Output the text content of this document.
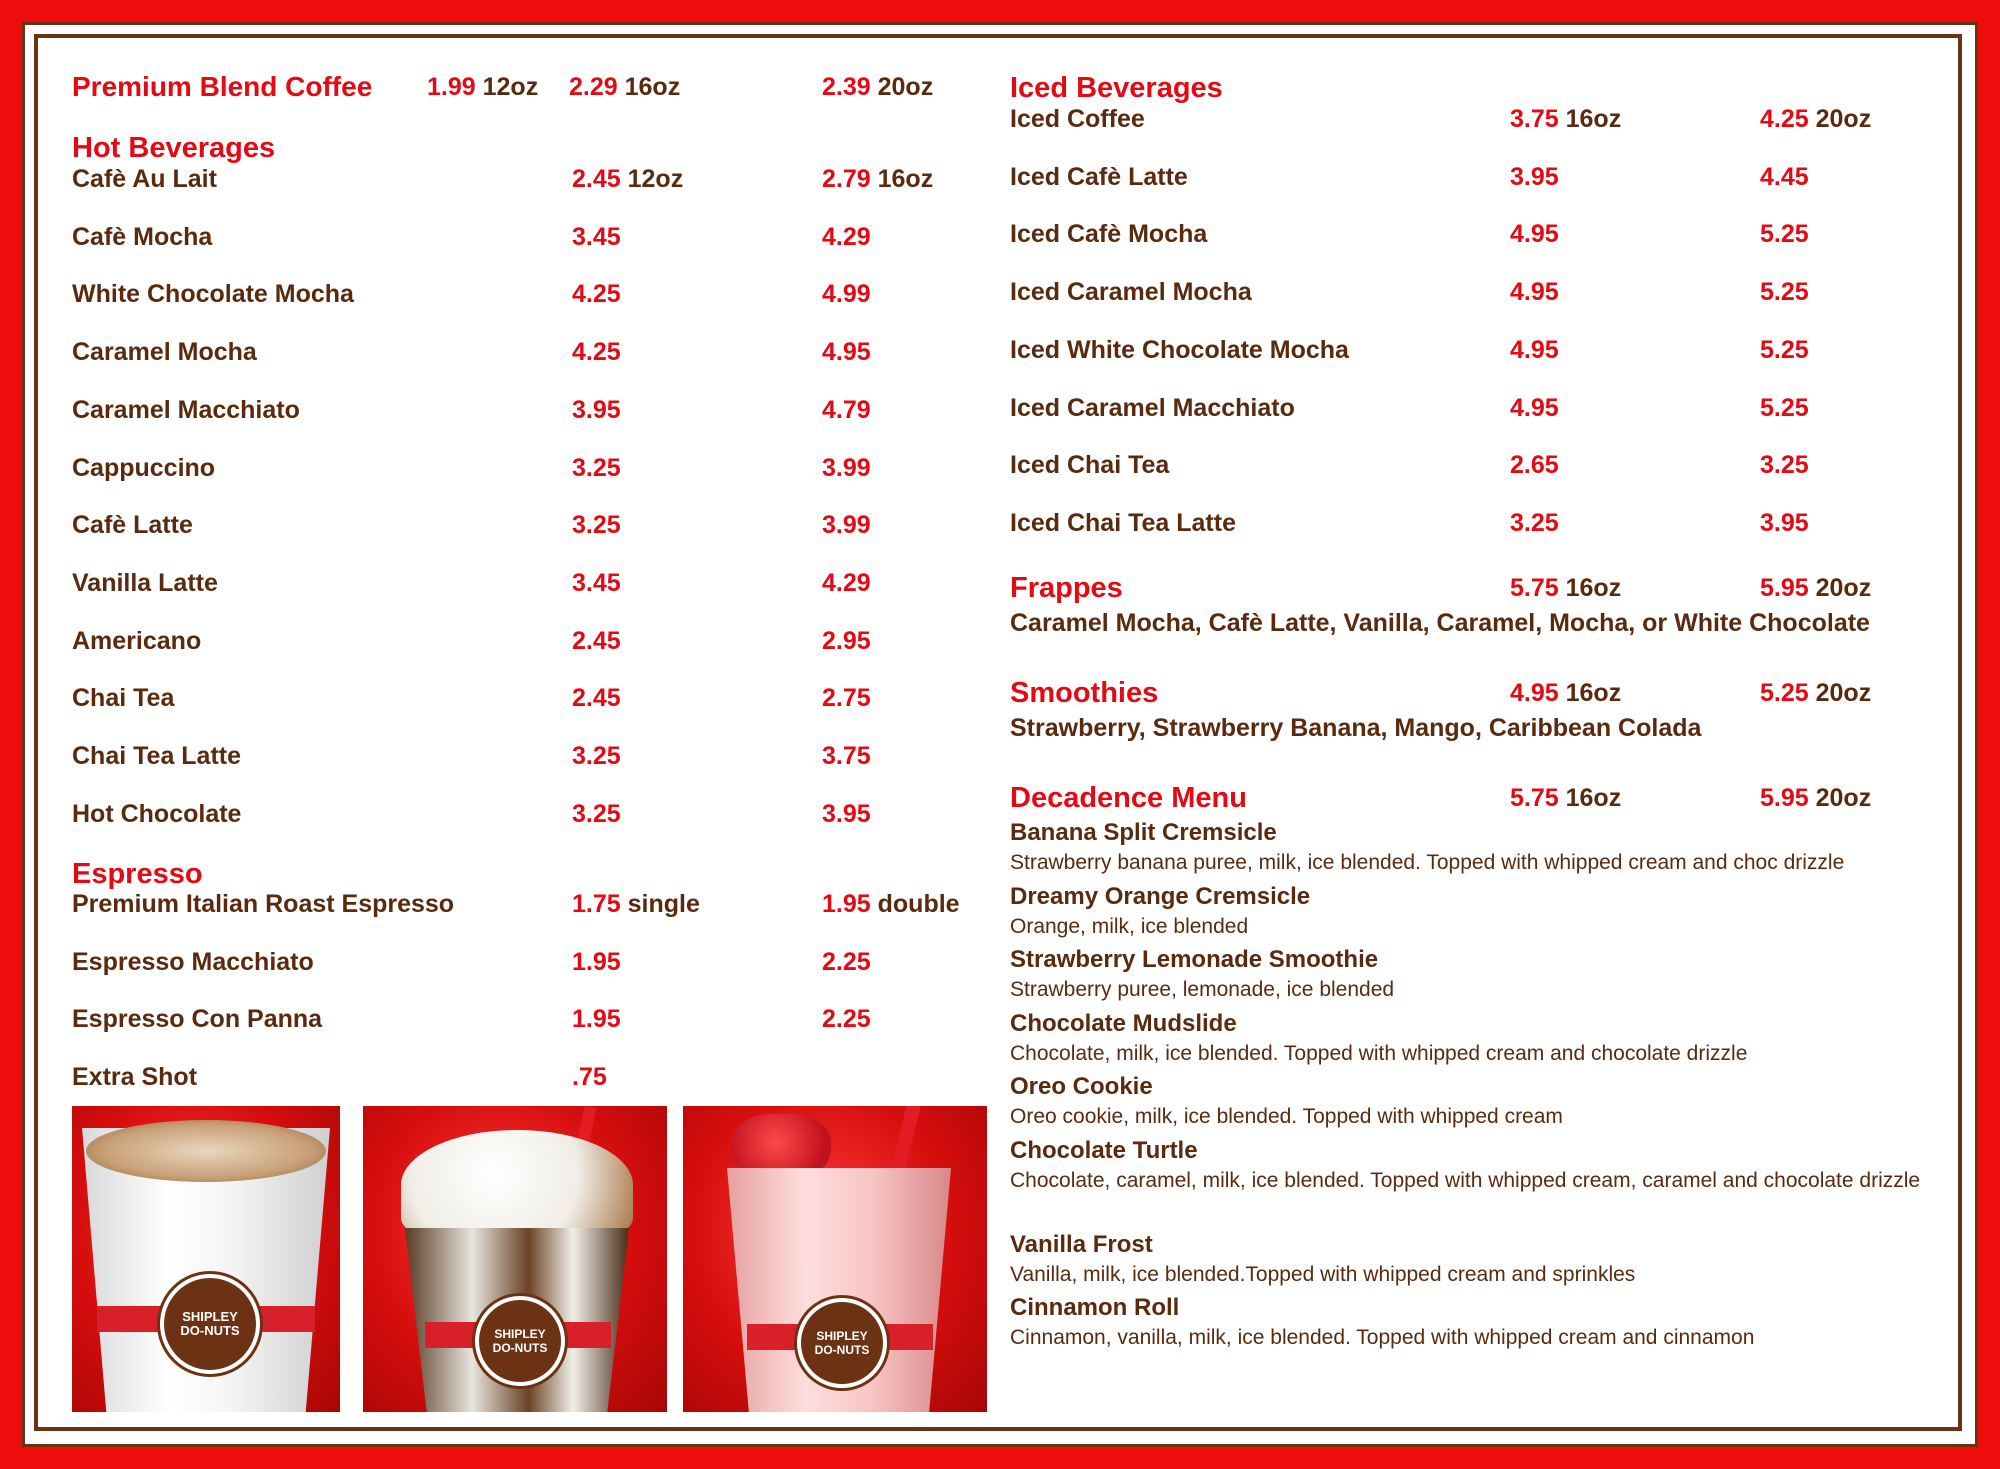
Premium Blend Coffee 1.99 12oz 2.29 16oz	2.39 20oz
Hot Beverages
Cafè Au Lait	2.45 12oz	2.79 16oz
Cafè Mocha	3.45	4.29
White Chocolate Mocha	4.25	4.99
Caramel Mocha	4.25	4.95
Caramel Macchiato	3.95	4.79
Cappuccino	3.25	3.99
Cafè Latte	3.25	3.99
Vanilla Latte	3.45	4.29
Americano	2.45	2.95
Chai Tea	2.45	2.75
Chai Tea Latte	3.25	3.75
Hot Chocolate	3.25	3.95
Espresso
Premium Italian Roast Espresso	1.75 single	1.95 double
Espresso Macchiato	1.95	2.25
Espresso Con Panna	1.95	2.25
Extra Shot	.75
Iced Beverages
Iced Coffee	3.75 16oz	4.25 20oz
Iced Cafè Latte	3.95	4.45
Iced Cafè Mocha	4.95	5.25
Iced Caramel Mocha	4.95	5.25
Iced White Chocolate Mocha	4.95	5.25
Iced Caramel Macchiato	4.95	5.25
Iced Chai Tea	2.65	3.25
Iced Chai Tea Latte	3.25	3.95
Frappes	5.75 16oz	5.95 20oz
Caramel Mocha, Cafè Latte, Vanilla, Caramel, Mocha, or White Chocolate
Smoothies	4.95 16oz	5.25 20oz
Strawberry, Strawberry Banana, Mango, Caribbean Colada
Decadence Menu	5.75 16oz	5.95 20oz
Banana Split Cremsicle
Strawberry banana puree, milk, ice blended. Topped with whipped cream and choc drizzle
Dreamy Orange Cremsicle
Orange, milk, ice blended
Strawberry Lemonade Smoothie
Strawberry puree, lemonade, ice blended
Chocolate Mudslide
Chocolate, milk, ice blended. Topped with whipped cream and chocolate drizzle
Oreo Cookie
Oreo cookie, milk, ice blended. Topped with whipped cream
Chocolate Turtle
Chocolate, caramel, milk, ice blended. Topped with whipped cream, caramel and chocolate drizzle
Vanilla Frost
Vanilla, milk, ice blended.Topped with whipped cream and sprinkles
Cinnamon Roll
Cinnamon, vanilla, milk, ice blended. Topped with whipped cream and cinnamon
SHIPLEY
DO-NUTS	SHIPLEY
DO-NUTS
SHIPLEY
DO-NUTS
